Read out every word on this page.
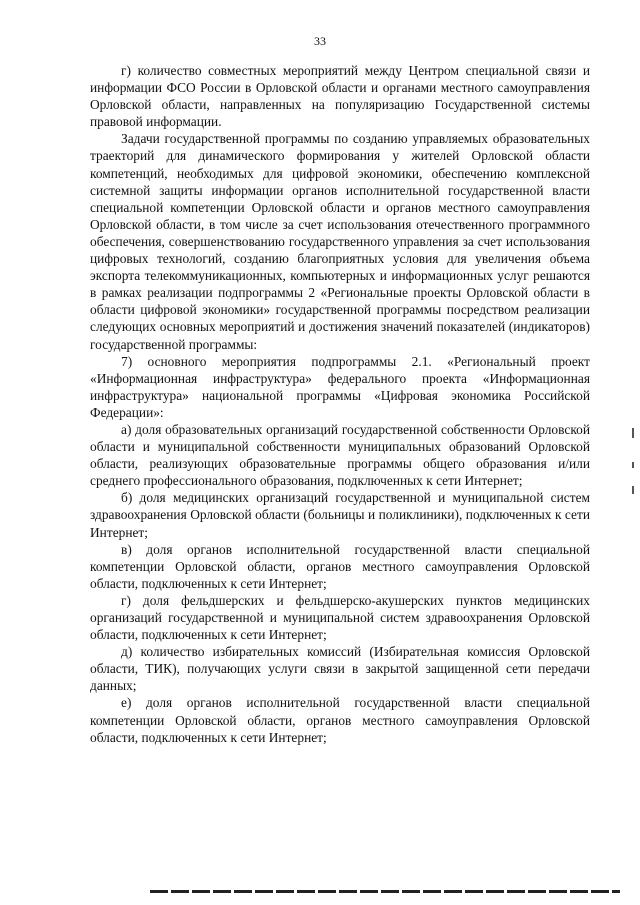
33

г) количество совместных мероприятий между Центром специальной связи и информации ФСО России в Орловской области и органами местного самоуправления Орловской области, направленных на популяризацию Государственной системы правовой информации.

Задачи государственной программы по созданию управляемых образовательных траекторий для динамического формирования у жителей Орловской области компетенций, необходимых для цифровой экономики, обеспечению комплексной системной защиты информации органов исполнительной государственной власти специальной компетенции Орловской области и органов местного самоуправления Орловской области, в том числе за счет использования отечественного программного обеспечения, совершенствованию государственного управления за счет использования цифровых технологий, созданию благоприятных условия для увеличения объема экспорта телекоммуникационных, компьютерных и информационных услуг решаются в рамках реализации подпрограммы 2 «Региональные проекты Орловской области в области цифровой экономики» государственной программы посредством реализации следующих основных мероприятий и достижения значений показателей (индикаторов) государственной программы:

7) основного мероприятия подпрограммы 2.1. «Региональный проект «Информационная инфраструктура» федерального проекта «Информационная инфраструктура» национальной программы «Цифровая экономика Российской Федерации»:

а) доля образовательных организаций государственной собственности Орловской области и муниципальной собственности муниципальных образований Орловской области, реализующих образовательные программы общего образования и/или среднего профессионального образования, подключенных к сети Интернет;

б) доля медицинских организаций государственной и муниципальной систем здравоохранения Орловской области (больницы и поликлиники), подключенных к сети Интернет;

в) доля органов исполнительной государственной власти специальной компетенции Орловской области, органов местного самоуправления Орловской области, подключенных к сети Интернет;

г) доля фельдшерских и фельдшерско-акушерских пунктов медицинских организаций государственной и муниципальной систем здравоохранения Орловской области, подключенных к сети Интернет;

д) количество избирательных комиссий (Избирательная комиссия Орловской области, ТИК), получающих услуги связи в закрытой защищенной сети передачи данных;

е) доля органов исполнительной государственной власти специальной компетенции Орловской области, органов местного самоуправления Орловской области, подключенных к сети Интернет;
